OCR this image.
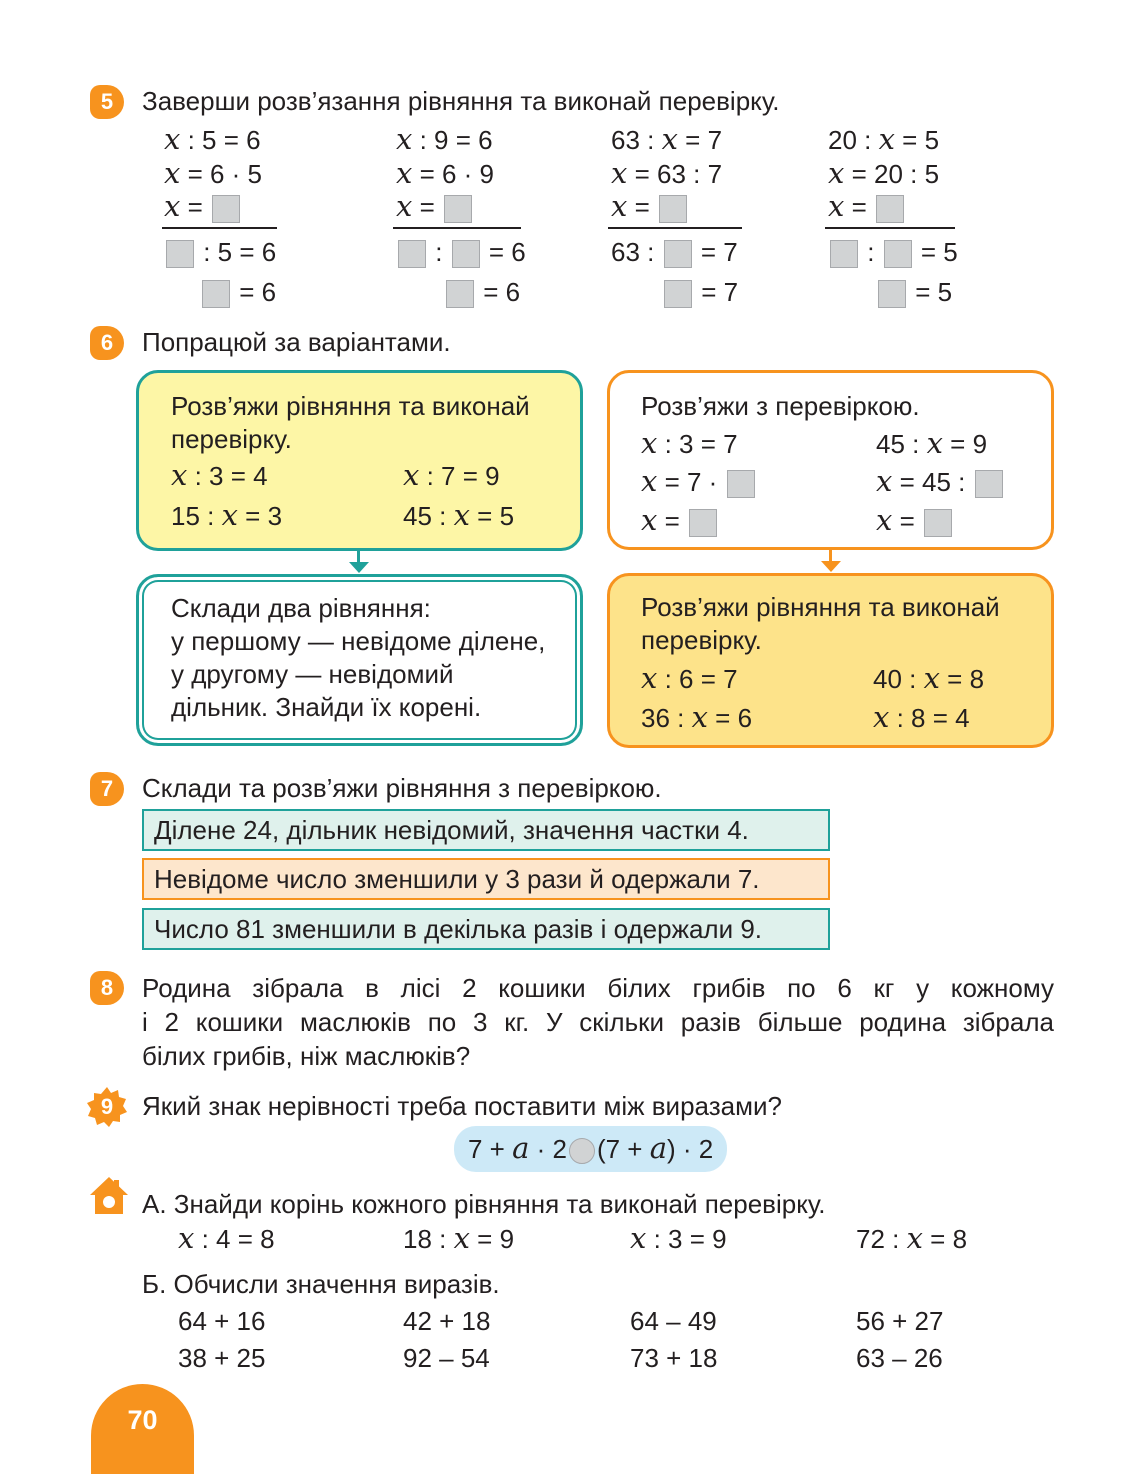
5	Заверши розв’язання рівняння та виконай перевірку.
𝑥 : 5 = 6
𝑥 = 6 · 5
𝑥 =
: 5 = 6
= 6
𝑥 : 9 = 6
𝑥 = 6 · 9
𝑥 =
:  = 6
= 6
63 : 𝑥 = 7
𝑥 = 63 : 7
𝑥 =
63 :  = 7
= 7
20 : 𝑥 = 5
𝑥 = 20 : 5
𝑥 =
:  = 5
= 5
6	Попрацюй за варіантами.
Розв’яжи рівняння та виконай
перевірку.
𝑥 : 3 = 4	𝑥 : 7 = 9
15 : 𝑥 = 3	45 : 𝑥 = 5
Склади два рівняння:
у першому — невідоме ділене,
у другому — невідомий
дільник. Знайди їх корені.
Розв’яжи з перевіркою.
𝑥 : 3 = 7
𝑥 = 7 ·
𝑥 =
45 : 𝑥 = 9
𝑥 = 45 :
𝑥 =
Розв’яжи рівняння та виконай
перевірку.
𝑥 : 6 = 7	40 : 𝑥 = 8
36 : 𝑥 = 6	𝑥 : 8 = 4
7	Склади та розв’яжи рівняння з перевіркою.
Ділене 24, дільник невідомий, значення частки 4.
Невідоме число зменшили у 3 рази й одержали 7.
Число 81 зменшили в декілька разів і одержали 9.
8	Родина зібрала в лісі 2 кошики білих грибів по 6 кг у кожному
і 2 кошики маслюків по 3 кг. У скільки разів більше родина зібрала
білих грибів, ніж маслюків?
9	Який знак нерівності треба поставити між виразами?
7 + 𝑎 · 2 (7 + 𝑎) · 2
А. Знайди корінь кожного рівняння та виконай перевірку.
𝑥 : 4 = 8	18 : 𝑥 = 9	𝑥 : 3 = 9	72 : 𝑥 = 8
Б. Обчисли значення виразів.
64 + 16	42 + 18	64 – 49	56 + 27
38 + 25	92 – 54	73 + 18	63 – 26
70
